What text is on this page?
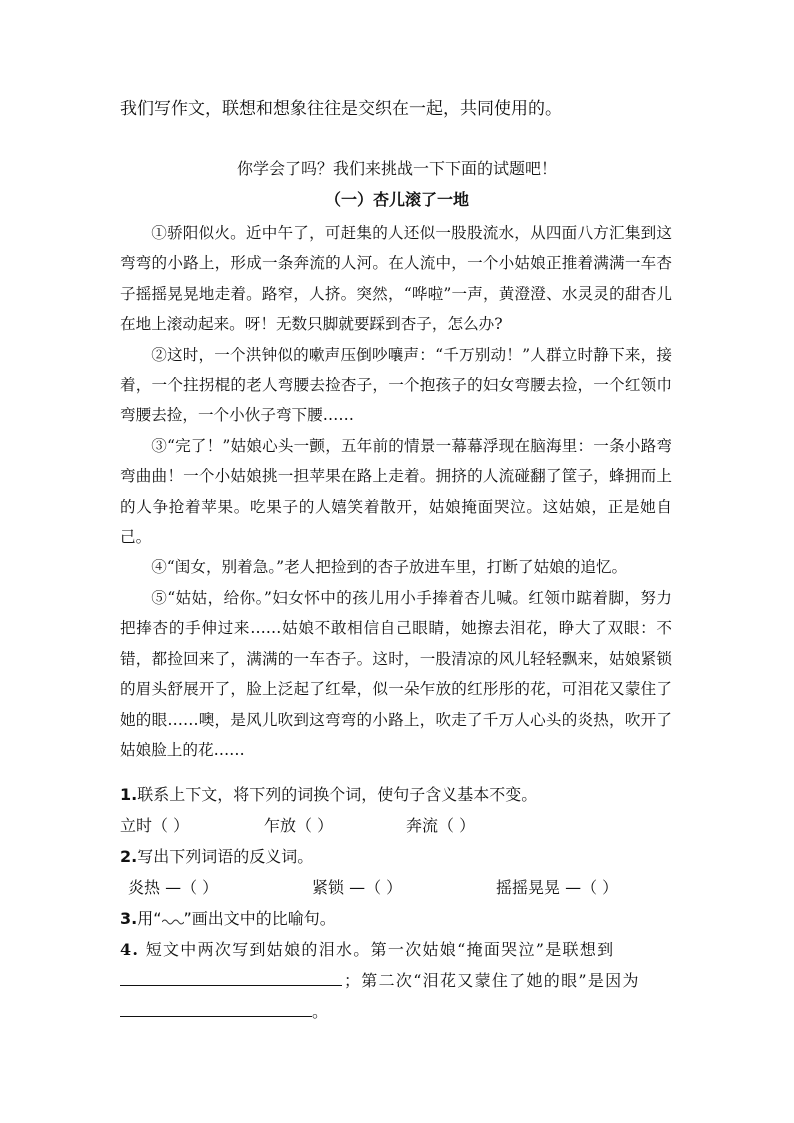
我们写作文，联想和想象往往是交织在一起，共同使用的。
你学会了吗？我们来挑战一下下面的试题吧！
（一）杏儿滚了一地

①骄阳似火。近中午了，可赶集的人还似一股股流水，从四面八方汇集到这弯弯的小路上，形成一条奔流的人河。在人流中，一个小姑娘正推着满满一车杏子摇摇晃晃地走着。路窄，人挤。突然，“哗啦”一声，黄澄澄、水灵灵的甜杏儿在地上滚动起来。呀！无数只脚就要踩到杏子，怎么办?

②这时，一个洪钟似的嗽声压倒吵嚷声：“千万别动！”人群立时静下来，接着，一个拄拐棍的老人弯腰去捡杏子，一个抱孩子的妇女弯腰去捡，一个红领巾弯腰去捡，一个小伙子弯下腰……

③“完了！”姑娘心头一颤，五年前的情景一幕幕浮现在脑海里：一条小路弯弯曲曲！一个小姑娘挑一担苹果在路上走着。拥挤的人流碰翻了筐子，蜂拥而上的人争抢着苹果。吃果子的人嬉笑着散开，姑娘掩面哭泣。这姑娘，正是她自己。

④“闺女，别着急。”老人把捡到的杏子放进车里，打断了姑娘的追忆。

⑤“姑姑，给你。”妇女怀中的孩儿用小手捧着杏儿喊。红领巾踮着脚，努力把捧杏的手伸过来……姑娘不敢相信自己眼睛，她擦去泪花，睁大了双眼：不错，都捡回来了，满满的一车杏子。这时，一股清凉的风儿轻轻飘来，姑娘紧锁的眉头舒展开了，脸上泛起了红晕，似一朵乍放的红彤彤的花，可泪花又蒙住了她的眼……噢，是风儿吹到这弯弯的小路上，吹走了千万人心头的炎热，吹开了姑娘脸上的花……

1.联系上下文，将下列的词换个词，使句子含义基本不变。
立时（ ）	乍放（ ）	奔流（ ）
2.写出下列词语的反义词。
炎热 —（ ）	紧锁 —（ ）	摇摇晃晃 —（ ）
3.用“ ”画出文中的比喻句。
4. 短文中两次写到姑娘的泪水。第一次姑娘“掩面哭泣”是联想到
；第二次“泪花又蒙住了她的眼”是因为
。
